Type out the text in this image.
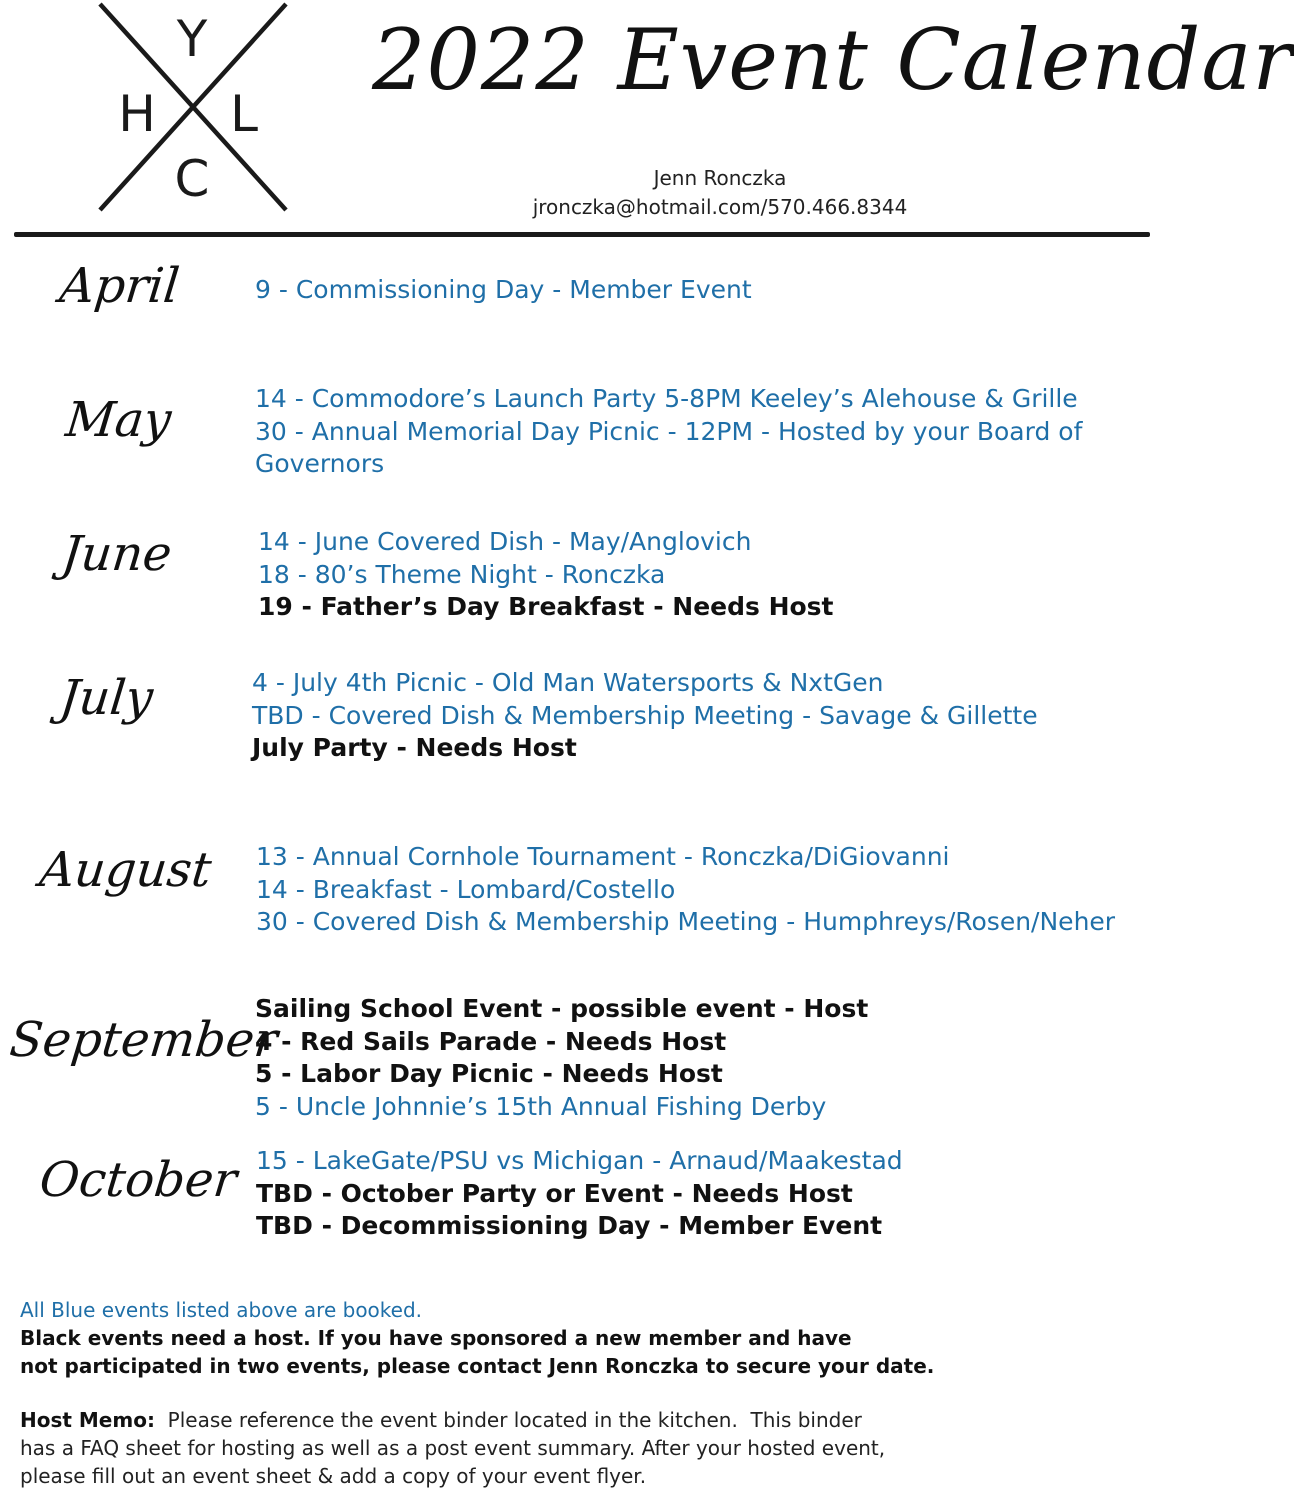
Y
H L
C
2022 Event Calendar
Jenn Ronczka
jronczka@hotmail.com/570.466.8344
April	9 - Commissioning Day - Member Event
May	14 - Commodore’s Launch Party 5-8PM Keeley’s Alehouse & Grille
30 - Annual Memorial Day Picnic - 12PM - Hosted by your Board of
Governors
June	14 - June Covered Dish - May/Anglovich
18 - 80’s Theme Night - Ronczka
19 - Father’s Day Breakfast - Needs Host
July	4 - July 4th Picnic - Old Man Watersports & NxtGen
TBD - Covered Dish & Membership Meeting - Savage & Gillette
July Party - Needs Host
August 13 - Annual Cornhole Tournament - Ronczka/DiGiovanni
14 - Breakfast - Lombard/Costello
30 - Covered Dish & Membership Meeting - Humphreys/Rosen/Neher
September
Sailing School Event - possible event - Host
4 - Red Sails Parade - Needs Host
5 - Labor Day Picnic - Needs Host
5 - Uncle Johnnie’s 15th Annual Fishing Derby
October 15 - LakeGate/PSU vs Michigan - Arnaud/Maakestad
TBD - October Party or Event - Needs Host
TBD - Decommissioning Day - Member Event
All Blue events listed above are booked.
Black events need a host. If you have sponsored a new member and have
not participated in two events, please contact Jenn Ronczka to secure your date.
Host Memo:  Please reference the event binder located in the kitchen.  This binder
has a FAQ sheet for hosting as well as a post event summary. After your hosted event,
please fill out an event sheet & add a copy of your event flyer.
